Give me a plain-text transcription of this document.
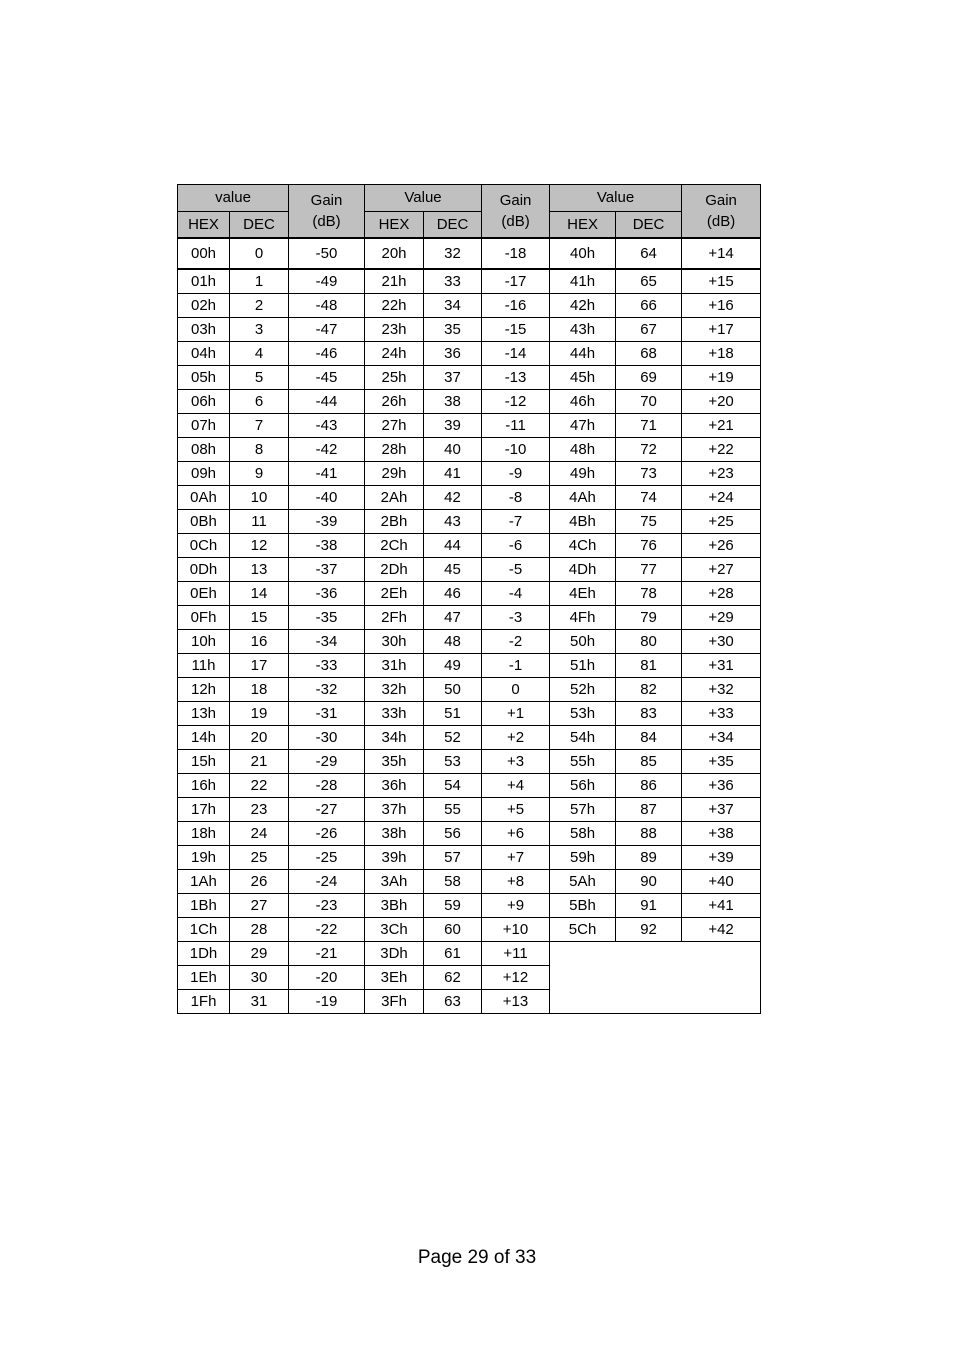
value		Gain	Value		Gain	Value		Gain
HEX	DEC	(dB)	HEX	DEC	(dB)	HEX	DEC	(dB)
00h	0	-50	20h	32	-18	40h	64	+14
01h	1	-49	21h	33	-17	41h	65	+15
02h	2	-48	22h	34	-16	42h	66	+16
03h	3	-47	23h	35	-15	43h	67	+17
04h	4	-46	24h	36	-14	44h	68	+18
05h	5	-45	25h	37	-13	45h	69	+19
06h	6	-44	26h	38	-12	46h	70	+20
07h	7	-43	27h	39	-11	47h	71	+21
08h	8	-42	28h	40	-10	48h	72	+22
09h	9	-41	29h	41	-9	49h	73	+23
0Ah	10	-40	2Ah	42	-8	4Ah	74	+24
0Bh	11	-39	2Bh	43	-7	4Bh	75	+25
0Ch	12	-38	2Ch	44	-6	4Ch	76	+26
0Dh	13	-37	2Dh	45	-5	4Dh	77	+27
0Eh	14	-36	2Eh	46	-4	4Eh	78	+28
0Fh	15	-35	2Fh	47	-3	4Fh	79	+29
10h	16	-34	30h	48	-2	50h	80	+30
11h	17	-33	31h	49	-1	51h	81	+31
12h	18	-32	32h	50	0	52h	82	+32
13h	19	-31	33h	51	+1	53h	83	+33
14h	20	-30	34h	52	+2	54h	84	+34
15h	21	-29	35h	53	+3	55h	85	+35
16h	22	-28	36h	54	+4	56h	86	+36
17h	23	-27	37h	55	+5	57h	87	+37
18h	24	-26	38h	56	+6	58h	88	+38
19h	25	-25	39h	57	+7	59h	89	+39
1Ah	26	-24	3Ah	58	+8	5Ah	90	+40
1Bh	27	-23	3Bh	59	+9	5Bh	91	+41
1Ch	28	-22	3Ch	60	+10	5Ch	92	+42
1Dh	29	-21	3Dh	61	+11			
1Eh	30	-20	3Eh	62	+12			
1Fh	31	-19	3Fh	63	+13			
Page 29 of 33
